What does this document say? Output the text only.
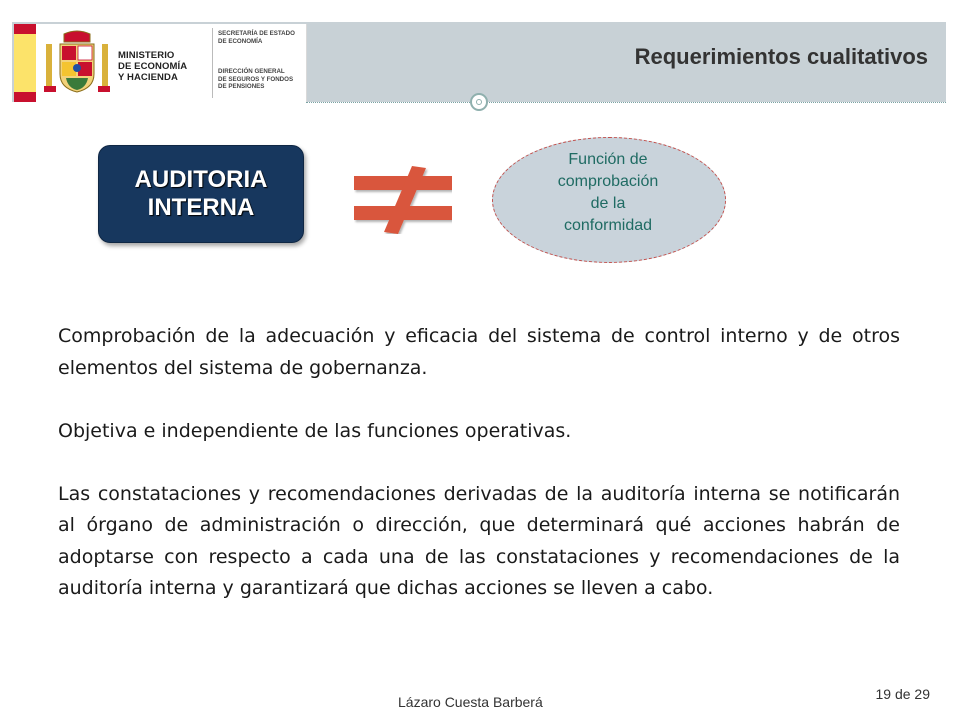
MINISTERIO
DE ECONOMÍA
Y HACIENDA
SECRETARÍA DE ESTADO
DE ECONOMÍA
DIRECCIÓN GENERAL
DE SEGUROS Y FONDOS
DE PENSIONES
Requerimientos cualitativos
AUDITORIA
INTERNA
Función de
comprobación
de la
conformidad

Comprobación de la adecuación y eficacia del sistema de control interno y de otros elementos del sistema de gobernanza.

Objetiva e independiente de las funciones operativas.

Las constataciones y recomendaciones derivadas de la auditoría interna se notificarán al órgano de administración o dirección, que determinará qué acciones habrán de adoptarse con respecto a cada una de las constataciones y recomendaciones de la auditoría interna y garantizará que dichas acciones se lleven a cabo.

Lázaro Cuesta Barberá	19 de 29
